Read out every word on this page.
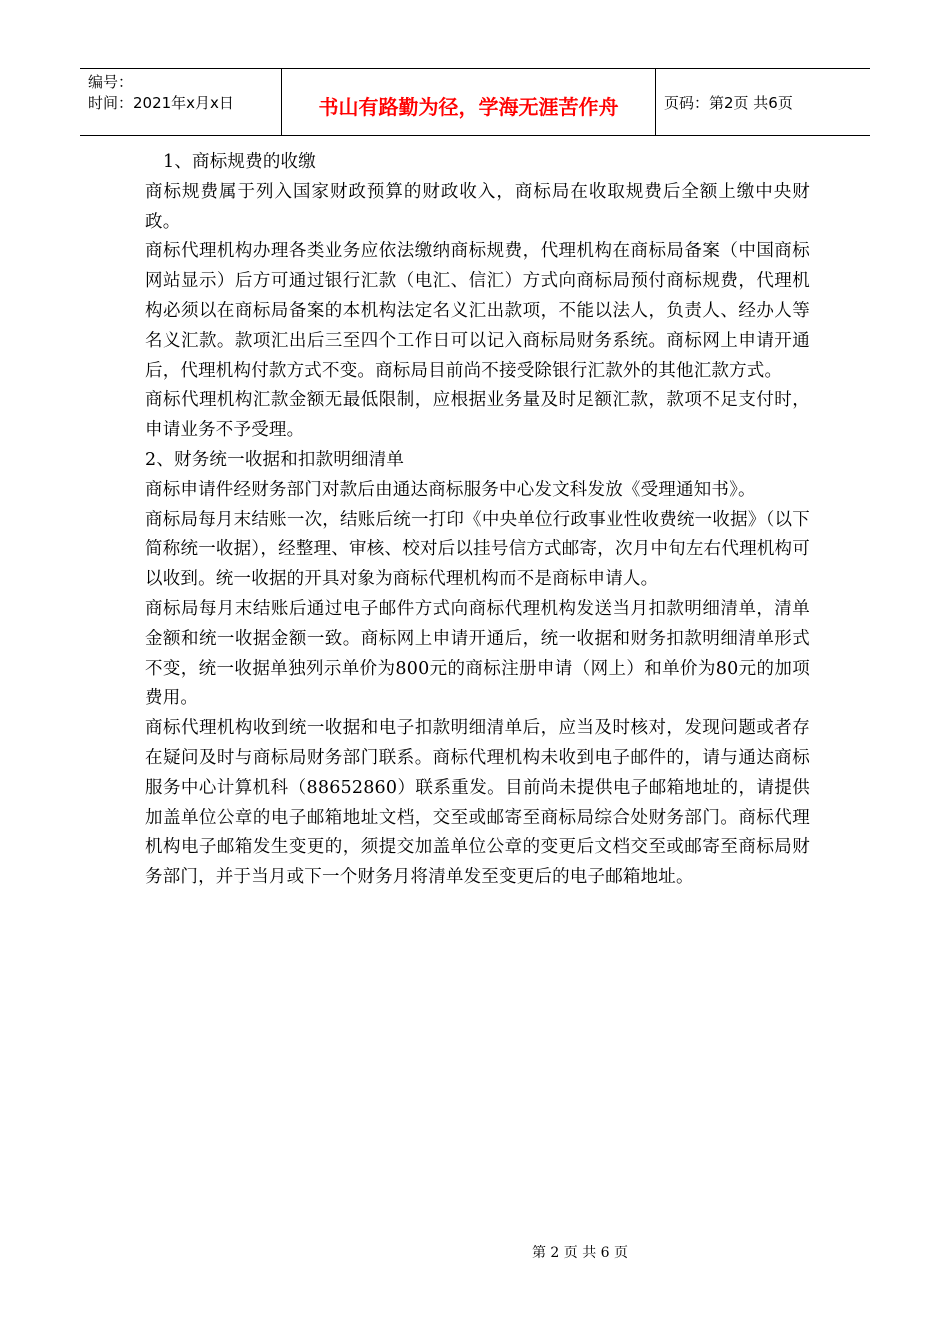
编号：
时间：2021年x月x日	书山有路勤为径，学海无涯苦作舟	页码：第2页 共6页

1、商标规费的收缴

商标规费属于列入国家财政预算的财政收入，商标局在收取规费后全额上缴中央财政。

商标代理机构办理各类业务应依法缴纳商标规费，代理机构在商标局备案（中国商标网站显示）后方可通过银行汇款（电汇、信汇）方式向商标局预付商标规费，代理机构必须以在商标局备案的本机构法定名义汇出款项，不能以法人，负责人、经办人等名义汇款。款项汇出后三至四个工作日可以记入商标局财务系统。商标网上申请开通后，代理机构付款方式不变。商标局目前尚不接受除银行汇款外的其他汇款方式。

商标代理机构汇款金额无最低限制，应根据业务量及时足额汇款，款项不足支付时，申请业务不予受理。

2、财务统一收据和扣款明细清单

商标申请件经财务部门对款后由通达商标服务中心发文科发放《受理通知书》。

商标局每月末结账一次，结账后统一打印《中央单位行政事业性收费统一收据》（以下简称统一收据），经整理、审核、校对后以挂号信方式邮寄，次月中旬左右代理机构可以收到。统一收据的开具对象为商标代理机构而不是商标申请人。

商标局每月末结账后通过电子邮件方式向商标代理机构发送当月扣款明细清单，清单金额和统一收据金额一致。商标网上申请开通后，统一收据和财务扣款明细清单形式不变，统一收据单独列示单价为800元的商标注册申请（网上）和单价为80元的加项费用。

商标代理机构收到统一收据和电子扣款明细清单后，应当及时核对，发现问题或者存在疑问及时与商标局财务部门联系。商标代理机构未收到电子邮件的，请与通达商标服务中心计算机科（88652860）联系重发。目前尚未提供电子邮箱地址的，请提供加盖单位公章的电子邮箱地址文档，交至或邮寄至商标局综合处财务部门。商标代理机构电子邮箱发生变更的，须提交加盖单位公章的变更后文档交至或邮寄至商标局财务部门，并于当月或下一个财务月将清单发至变更后的电子邮箱地址。

第 2 页 共 6 页
